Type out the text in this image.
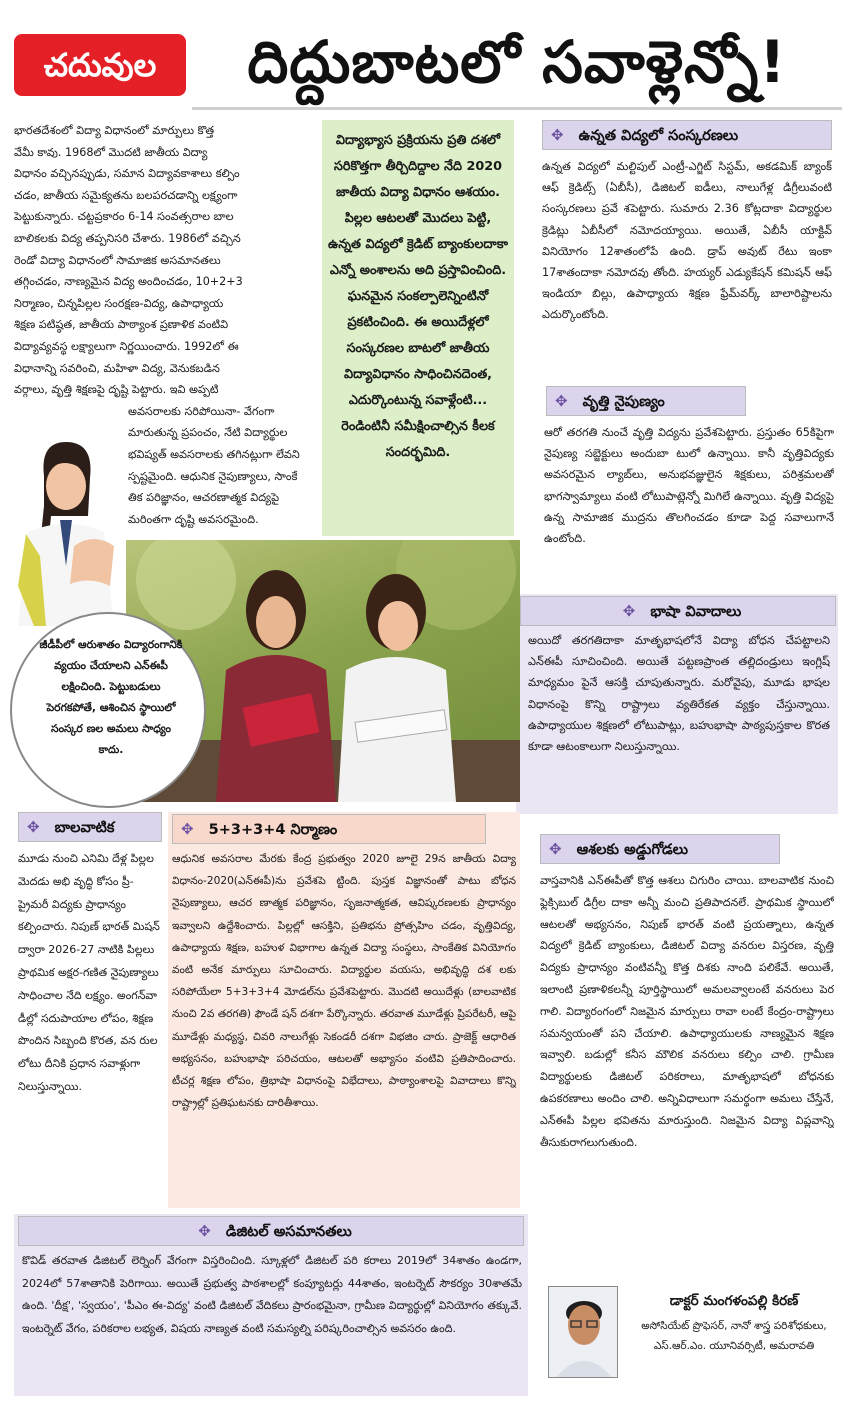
చదువుల	దిద్దుబాటలో సవాళ్లెన్నో!
భారతదేశంలో విద్యా విధానంలో మార్పులు కొత్త
వేమీ కావు. 1968లో మొదటి జాతీయ విద్యా
విధానం వచ్చినప్పుడు, సమాన విద్యావకాశాలు కల్పిం
చడం, జాతీయ సమైక్యతను బలపరచడాన్ని లక్ష్యంగా
పెట్టుకున్నారు. చట్టప్రకారం 6-14 సంవత్సరాల బాల
బాలికలకు విద్య తప్పనిసరి చేశారు. 1986లో వచ్చిన
రెండో విద్యా విధానంలో సామాజిక అసమానతలు
తగ్గించడం, నాణ్యమైన విద్య అందించడం, 10+2+3
నిర్మాణం, చిన్నపిల్లల సంరక్షణ-విద్య, ఉపాధ్యాయ
శిక్షణ పటిష్ఠత, జాతీయ పాఠ్యాంశ ప్రణాళిక వంటివి
విద్యావ్యవస్థ లక్ష్యాలుగా నిర్ణయించారు. 1992లో ఈ
విధానాన్ని సవరించి, మహిళా విద్య, వెనుకబడిన
వర్గాలు, వృత్తి శిక్షణపై దృష్టి పెట్టారు. ఇవి అప్పటి
అవసరాలకు సరిపోయినా- వేగంగా
మారుతున్న ప్రపంచం, నేటి విద్యార్థుల
భవిష్యత్ అవసరాలకు తగినట్లుగా లేవని
స్పష్టమైంది. ఆధునిక నైపుణ్యాలు, సాంకే
తిక పరిజ్ఞానం, ఆచరణాత్మక విద్యపై
మరింతగా దృష్టి అవసరమైంది.

విద్యాభ్యాస ప్రక్రియను ప్రతి దశలో సరికొత్తగా తీర్చిదిద్దాల నేది 2020 జాతీయ విద్యా విధానం ఆశయం. పిల్లల ఆటలతో మొదలు పెట్టి, ఉన్నత విద్యలో క్రెడిట్ బ్యాంకులదాకా ఎన్నో అంశాలను అది ప్రస్తావించింది. ఘనమైన సంకల్పాలెన్నింటినో ప్రకటించింది. ఈ అయిదేళ్లలో సంస్కరణల బాటలో జాతీయ విద్యావిధానం సాధించినదెంత, ఎదుర్కొంటున్న సవాళ్లేంటి... రెండింటినీ సమీక్షించాల్సిన కీలక సందర్భమిది.

✥ ఉన్నత విద్యలో సంస్కరణలు
ఉన్నత విద్యలో మల్టిపుల్ ఎంట్రీ-ఎగ్జిట్ సిస్టమ్, అకడమిక్ బ్యాంక్ ఆఫ్ క్రెడిట్స్ (ఏబీసీ), డిజిటల్ ఐడీలు, నాలుగేళ్ల డిగ్రీలువంటి సంస్కరణలు ప్రవే శపెట్టారు. సుమారు 2.36 కోట్లదాకా విద్యార్థుల క్రెడిట్లు ఏబీసీలో నమోదయ్యాయి. అయితే, ఏబీసీ యాక్టివ్ వినియోగం 12శాతంలోపే ఉంది. డ్రాప్ అవుట్ రేటు ఇంకా 17శాతందాకా నమోదవు తోంది. హయ్యర్ ఎడ్యుకేషన్ కమిషన్ ఆఫ్ ఇండియా బిల్లు, ఉపాధ్యాయ శిక్షణ ఫ్రేమ్‌వర్క్ బాలారిష్టాలను ఎదుర్కొంటోంది.
✥ వృత్తి నైపుణ్యం
ఆరో తరగతి నుంచే వృత్తి విద్యను ప్రవేశపెట్టారు. ప్రస్తుతం 65కిపైగా నైపుణ్య సబ్జెక్టులు అందుబా టులో ఉన్నాయి. కానీ వృత్తివిద్యకు అవసరమైన ల్యాబ్‌లు, అనుభవజ్ఞులైన శిక్షకులు, పరిశ్రమలతో భాగస్వామ్యాలు వంటి లోటుపాట్లెన్నో మిగిలే ఉన్నాయి. వృత్తి విద్యపై ఉన్న సామాజిక ముద్రను తొలగించడం కూడా పెద్ద సవాలుగానే ఉంటోంది.
✥ భాషా వివాదాలు
అయిదో తరగతిదాకా మాతృభాషలోనే విద్యా బోధన చేపట్టాలని ఎన్ఈపీ సూచించింది. అయితే పట్టణప్రాంత తల్లిదండ్రులు ఇంగ్లిష్ మాధ్యమం పైనే ఆసక్తి చూపుతున్నారు. మరోవైపు, మూడు భాషల విధానంపై కొన్ని రాష్ట్రాలు వ్యతిరేకత వ్యక్తం చేస్తున్నాయి. ఉపాధ్యాయుల శిక్షణలో లోటుపాట్లు, బహుభాషా పాఠ్యపుస్తకాల కొరత కూడా ఆటంకాలుగా నిలుస్తున్నాయి.

జీడీపీలో ఆరుశాతం విద్యారంగానికి వ్యయం చేయాలని ఎన్ఈపీ లక్షించింది. పెట్టుబడులు పెరగకపోతే, ఆశించిన స్థాయిలో సంస్కర ణల అమలు సాధ్యం కాదు.

✥ బాలవాటిక
మూడు నుంచి ఎనిమి దేళ్ల పిల్లల మెదడు అభి వృద్ధి కోసం ప్రీ-ప్రైమరీ విద్యకు ప్రాధాన్యం కల్పించారు. నిపుణ్ భారత్ మిషన్ ద్వారా 2026-27 నాటికి పిల్లలు ప్రాథమిక అక్షర-గణిత నైపుణ్యాలు సాధించాల నేది లక్ష్యం. అంగన్‌వా డీల్లో సదుపాయాల లోపం, శిక్షణ పొందిన సిబ్బంది కొరత, వన రుల లోటు దీనికి ప్రధాన సవాళ్లుగా నిలుస్తున్నాయి.
✥ 5+3+3+4 నిర్మాణం
ఆధునిక అవసరాల మేరకు కేంద్ర ప్రభుత్వం 2020 జూలై 29న జాతీయ విద్యా విధానం-2020(ఎన్ఈపీ)ను ప్రవేశపె ట్టింది. పుస్తక విజ్ఞానంతో పాటు బోధన నైపుణ్యాలు, ఆచర ణాత్మక పరిజ్ఞానం, సృజనాత్మకత, ఆవిష్కరణలకు ప్రాధాన్యం ఇవ్వాలని ఉద్దేశించారు. పిల్లల్లో ఆసక్తిని, ప్రతిభను ప్రోత్సహిం చడం, వృత్తివిద్య, ఉపాధ్యాయ శిక్షణ, బహుళ విభాగాల ఉన్నత విద్యా సంస్థలు, సాంకేతిక వినియోగం వంటి అనేక మార్పులు సూచించారు. విద్యార్థుల వయసు, అభివృద్ధి దశ లకు సరిపోయేలా 5+3+3+4 మోడల్‌ను ప్రవేశపెట్టారు. మొదటి అయిదేళ్లు (బాలవాటిక నుంచి 2వ తరగతి) ఫౌండే షన్ దశగా పేర్కొన్నారు. తరవాత మూడేళ్లు ప్రిపరేటరీ, ఆపై మూడేళ్లు మధ్యస్థ, చివరి నాలుగేళ్లు సెకండరీ దశగా విభజిం చారు. ప్రాజెక్ట్ ఆధారిత అభ్యసనం, బహుభాషా పరిచయం, ఆటలతో అభ్యాసం వంటివి ప్రతిపాదించారు. టీచర్ల శిక్షణ లోపం, త్రిభాషా విధానంపై విభేదాలు, పాఠ్యాంశాలపై వివాదాలు కొన్ని రాష్ట్రాల్లో ప్రతిఘటనకు దారితీశాయి.
✥ ఆశలకు అడ్డుగోడలు
వాస్తవానికి ఎన్ఈపీతో కొత్త ఆశలు చిగురిం చాయి. బాలవాటిక నుంచి ఫ్లెక్సిబుల్ డిగ్రీల దాకా అన్నీ మంచి ప్రతిపాదనలే. ప్రాథమిక స్థాయిలో ఆటలతో అభ్యసనం, నిపుణ్ భారత్ వంటి ప్రయత్నాలు, ఉన్నత విద్యలో క్రెడిట్ బ్యాంకులు, డిజిటల్ విద్యా వనరుల విస్తరణ, వృత్తి విద్యకు ప్రాధాన్యం వంటివన్నీ కొత్త దిశకు నాంది పలికేవే. అయితే, ఇలాంటి ప్రణాళికలన్నీ పూర్తిస్థాయిలో అమలవ్వాలంటే వనరులు పెర గాలి. విద్యారంగంలో నిజమైన మార్పులు రావా లంటే కేంద్రం-రాష్ట్రాలు సమన్వయంతో పని చేయాలి. ఉపాధ్యాయులకు నాణ్యమైన శిక్షణ ఇవ్వాలి. బడుల్లో కనీస మౌలిక వనరులు కల్పిం చాలి. గ్రామీణ విద్యార్థులకు డిజిటల్ పరికరాలు, మాతృభాషలో బోధనకు ఉపకరణాలు అందిం చాలి. అన్నివిధాలుగా సమర్థంగా అమలు చేస్తేనే, ఎన్ఈపీ పిల్లల భవితను మారుస్తుంది. నిజమైన విద్యా విప్లవాన్ని తీసుకురాగలుగుతుంది.
✥ డిజిటల్ అసమానతలు
కొవిడ్ తరవాత డిజిటల్ లెర్నింగ్ వేగంగా విస్తరించింది. స్కూళ్లలో డిజిటల్ పరి కరాలు 2019లో 34శాతం ఉండగా, 2024లో 57శాతానికి పెరిగాయి. అయితే ప్రభుత్వ పాఠశాలల్లో కంప్యూటర్లు 44శాతం, ఇంటర్నెట్ సౌకర్యం 30శాతమే ఉంది. 'దీక్ష', 'స్వయం', 'పీఎం ఈ-విద్య' వంటి డిజిటల్ వేదికలు ప్రారంభమైనా, గ్రామీణ విద్యార్థుల్లో వినియోగం తక్కువే. ఇంటర్నెట్ వేగం, పరికరాల లభ్యత, విషయ నాణ్యత వంటి సమస్యల్ని పరిష్కరించాల్సిన అవసరం ఉంది.
డాక్టర్ మంగళంపల్లి కిరణ్
అసోసియేట్ ప్రొఫెసర్, నానో శాస్త్ర పరిశోధకులు, ఎస్.ఆర్.ఎం. యూనివర్సిటీ, అమరావతి
